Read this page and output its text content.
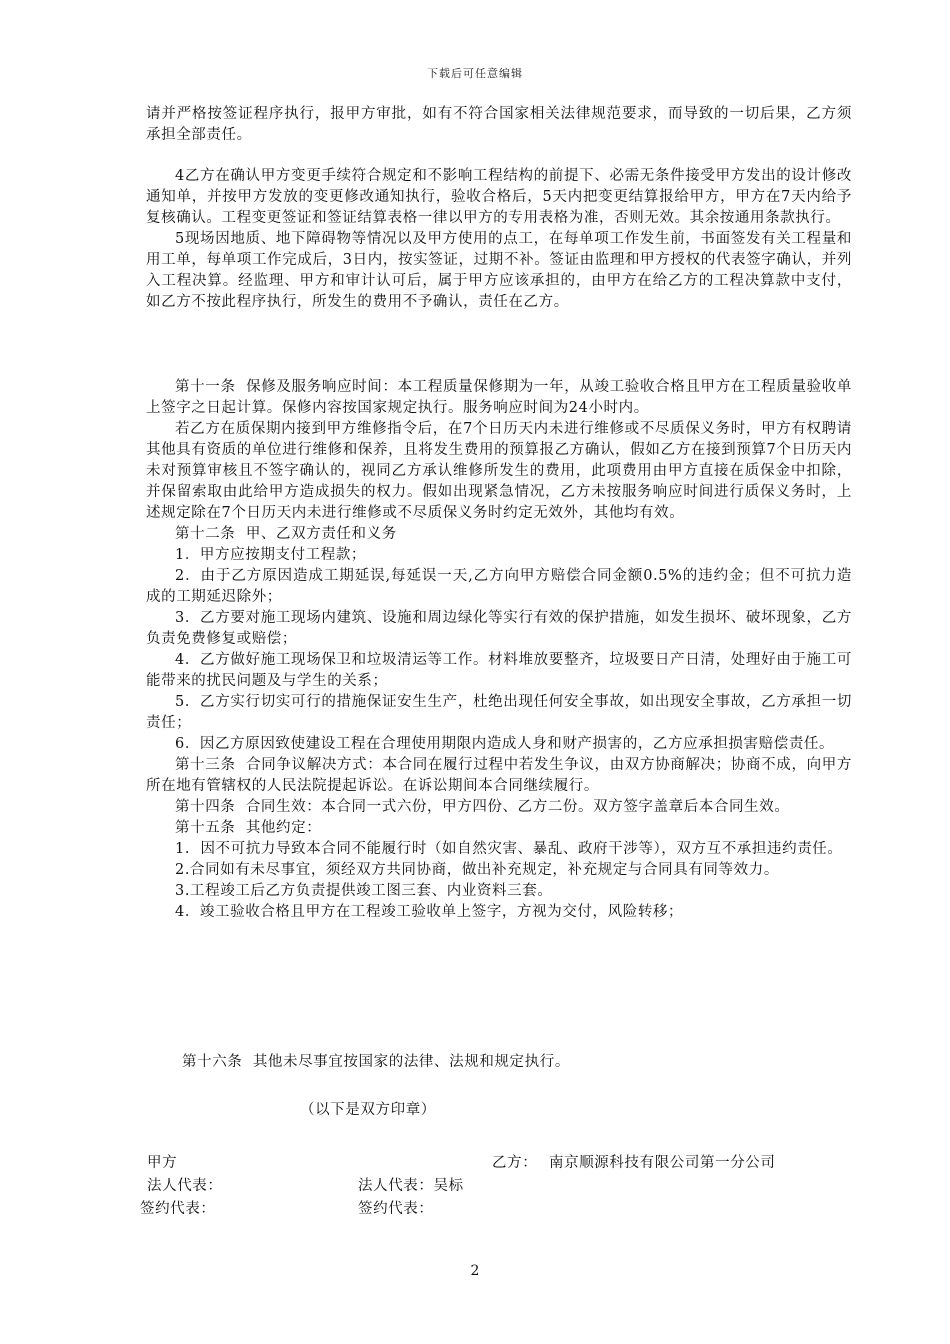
下载后可任意编辑

请并严格按签证程序执行，报甲方审批，如有不符合国家相关法律规范要求，而导致的一切后果，乙方须承担全部责任。

4乙方在确认甲方变更手续符合规定和不影响工程结构的前提下、必需无条件接受甲方发出的设计修改通知单，并按甲方发放的变更修改通知执行，验收合格后，5天内把变更结算报给甲方，甲方在7天内给予复核确认。工程变更签证和签证结算表格一律以甲方的专用表格为准，否则无效。其余按通用条款执行。

5现场因地质、地下障碍物等情况以及甲方使用的点工，在每单项工作发生前，书面签发有关工程量和用工单，每单项工作完成后，3日内，按实签证，过期不补。签证由监理和甲方授权的代表签字确认，并列入工程决算。经监理、甲方和审计认可后，属于甲方应该承担的，由甲方在给乙方的工程决算款中支付，如乙方不按此程序执行，所发生的费用不予确认，责任在乙方。

第十一条  保修及服务响应时间：本工程质量保修期为一年，从竣工验收合格且甲方在工程质量验收单上签字之日起计算。保修内容按国家规定执行。服务响应时间为24小时内。

若乙方在质保期内接到甲方维修指令后，在7个日历天内未进行维修或不尽质保义务时，甲方有权聘请其他具有资质的单位进行维修和保养，且将发生费用的预算报乙方确认，假如乙方在接到预算7个日历天内未对预算审核且不签字确认的，视同乙方承认维修所发生的费用，此项费用由甲方直接在质保金中扣除，并保留索取由此给甲方造成损失的权力。假如出现紧急情况，乙方未按服务响应时间进行质保义务时，上述规定除在7个日历天内未进行维修或不尽质保义务时约定无效外，其他均有效。

第十二条  甲、乙双方责任和义务

1．甲方应按期支付工程款；

2．由于乙方原因造成工期延误,每延误一天,乙方向甲方赔偿合同金额0.5%的违约金；但不可抗力造成的工期延迟除外；

3．乙方要对施工现场内建筑、设施和周边绿化等实行有效的保护措施，如发生损坏、破坏现象，乙方负责免费修复或赔偿；

4．乙方做好施工现场保卫和垃圾清运等工作。材料堆放要整齐，垃圾要日产日清，处理好由于施工可能带来的扰民问题及与学生的关系；

5．乙方实行切实可行的措施保证安生生产，杜绝出现任何安全事故，如出现安全事故，乙方承担一切责任；

6．因乙方原因致使建设工程在合理使用期限内造成人身和财产损害的，乙方应承担损害赔偿责任。

第十三条  合同争议解决方式：本合同在履行过程中若发生争议，由双方协商解决；协商不成，向甲方所在地有管辖权的人民法院提起诉讼。在诉讼期间本合同继续履行。

第十四条  合同生效：本合同一式六份，甲方四份、乙方二份。双方签字盖章后本合同生效。

第十五条  其他约定：

1.  因不可抗力导致本合同不能履行时（如自然灾害、暴乱、政府干涉等），双方互不承担违约责任。

2.合同如有未尽事宜，须经双方共同协商，做出补充规定，补充规定与合同具有同等效力。

3.工程竣工后乙方负责提供竣工图三套、内业资料三套。

4．竣工验收合格且甲方在工程竣工验收单上签字，方视为交付，风险转移；

第十六条  其他未尽事宜按国家的法律、法规和规定执行。

（以下是双方印章）

甲方	乙方： 南京顺源科技有限公司第一分公司
法人代表：	法人代表：吴标
签约代表：	签约代表：
2
